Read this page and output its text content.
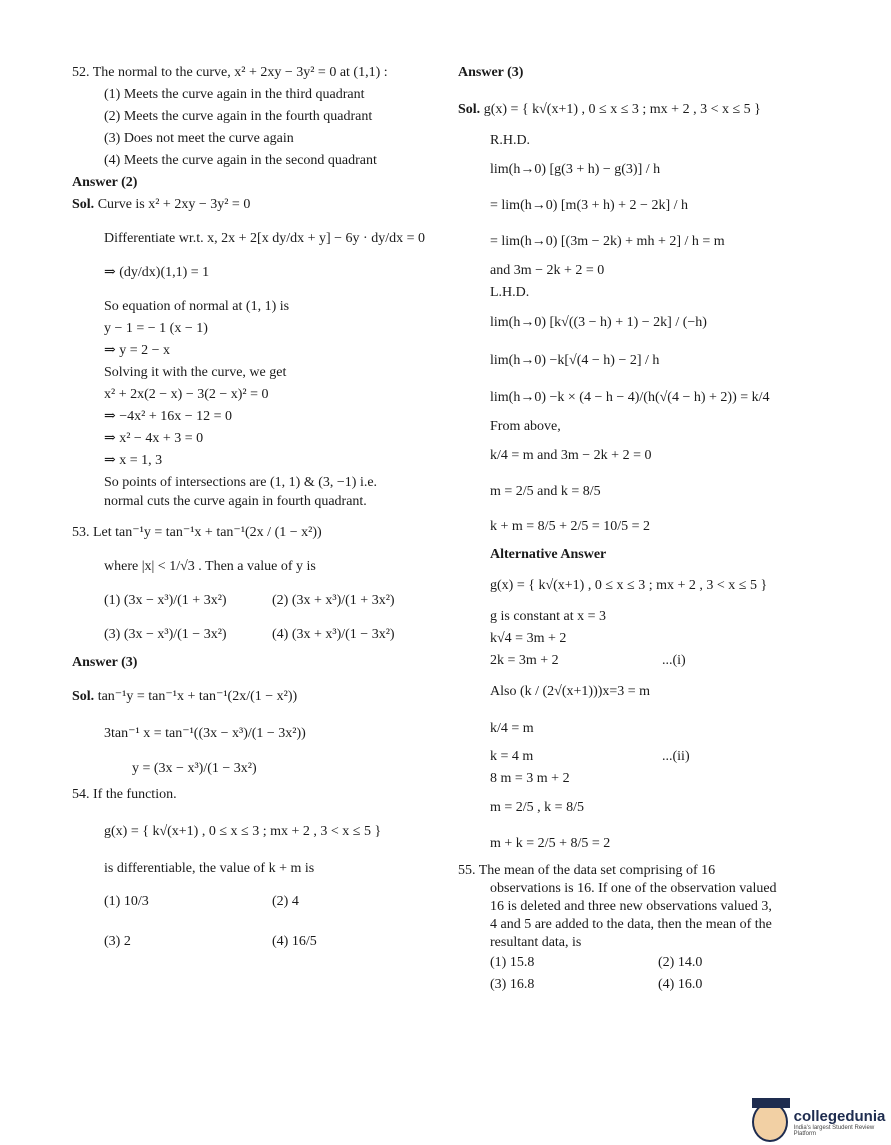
52. The normal to the curve, x² + 2xy − 3y² = 0 at (1,1) :
(1) Meets the curve again in the third quadrant
(2) Meets the curve again in the fourth quadrant
(3) Does not meet the curve again
(4) Meets the curve again in the second quadrant
Answer (2)
Sol. Curve is x² + 2xy − 3y² = 0
Differentiate wr.t. x, 2x + 2[x dy/dx + y] − 6y · dy/dx = 0
⇒ (dy/dx)(1,1) = 1
So equation of normal at (1, 1) is
y − 1 = − 1 (x − 1)
⇒ y = 2 − x
Solving it with the curve, we get
x² + 2x(2 − x) − 3(2 − x)² = 0
⇒ −4x² + 16x − 12 = 0
⇒ x² − 4x + 3 = 0
⇒ x = 1, 3
So points of intersections are (1, 1) & (3, −1) i.e.
normal cuts the curve again in fourth quadrant.
53. Let tan⁻¹y = tan⁻¹x + tan⁻¹(2x / (1 − x²))
where |x| < 1/√3 . Then a value of y is
(1) (3x − x³)/(1 + 3x²)	(2) (3x + x³)/(1 + 3x²)
(3) (3x − x³)/(1 − 3x²)	(4) (3x + x³)/(1 − 3x²)
Answer (3)
Sol. tan⁻¹y = tan⁻¹x + tan⁻¹(2x/(1 − x²))
3tan⁻¹ x = tan⁻¹((3x − x³)/(1 − 3x²))
y = (3x − x³)/(1 − 3x²)
54. If the function.
g(x) = { k√(x+1) , 0 ≤ x ≤ 3 ; mx + 2 , 3 < x ≤ 5 }
is differentiable, the value of k + m is
(1) 10/3	(2) 4
(3) 2	(4) 16/5
Answer (3)
Sol. g(x) = { k√(x+1) , 0 ≤ x ≤ 3 ; mx + 2 , 3 < x ≤ 5 }
R.H.D.
lim(h→0) [g(3 + h) − g(3)] / h
= lim(h→0) [m(3 + h) + 2 − 2k] / h
= lim(h→0) [(3m − 2k) + mh + 2] / h = m
and 3m − 2k + 2 = 0
L.H.D.
lim(h→0) [k√((3 − h) + 1) − 2k] / (−h)
lim(h→0) −k[√(4 − h) − 2] / h
lim(h→0) −k × (4 − h − 4)/(h(√(4 − h) + 2)) = k/4
From above,
k/4 = m and 3m − 2k + 2 = 0
m = 2/5 and k = 8/5
k + m = 8/5 + 2/5 = 10/5 = 2
Alternative Answer
g(x) = { k√(x+1) , 0 ≤ x ≤ 3 ; mx + 2 , 3 < x ≤ 5 }
g is constant at x = 3
k√4 = 3m + 2
2k = 3m + 2	...(i)
Also (k / (2√(x+1)))x=3 = m
k/4 = m
k = 4 m	...(ii)
8 m = 3 m + 2
m = 2/5 , k = 8/5
m + k = 2/5 + 8/5 = 2
55. The mean of the data set comprising of 16
observations is 16. If one of the observation valued
16 is deleted and three new observations valued 3,
4 and 5 are added to the data, then the mean of the
resultant data, is
(1) 15.8	(2) 14.0
(3) 16.8	(4) 16.0
collegedunia
India's largest Student Review Platform
